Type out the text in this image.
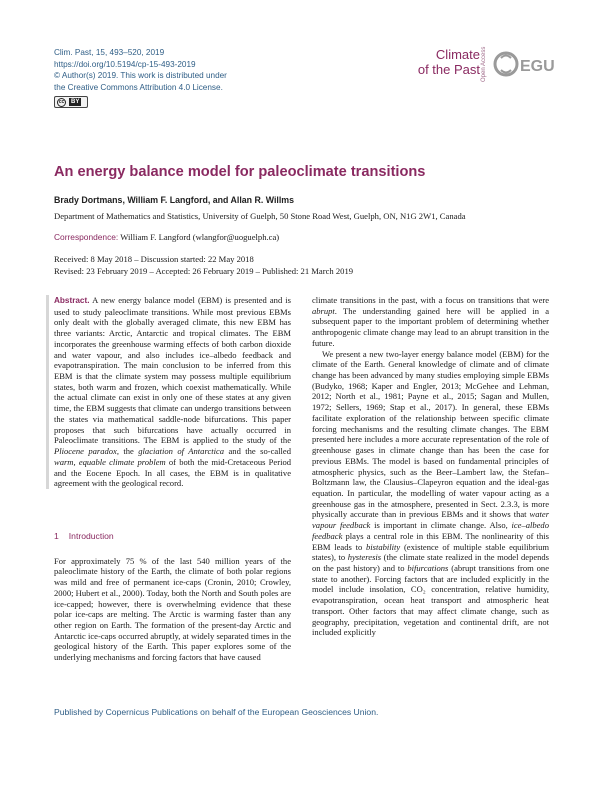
Clim. Past, 15, 493–520, 2019
https://doi.org/10.5194/cp-15-493-2019
© Author(s) 2019. This work is distributed under
the Creative Commons Attribution 4.0 License.
cc	BY
Climate
of the Past Open Access EGU
An energy balance model for paleoclimate transitions
Brady Dortmans, William F. Langford, and Allan R. Willms
Department of Mathematics and Statistics, University of Guelph, 50 Stone Road West, Guelph, ON, N1G 2W1, Canada
Correspondence: William F. Langford (wlangfor@uoguelph.ca)
Received: 8 May 2018 – Discussion started: 22 May 2018
Revised: 23 February 2019 – Accepted: 26 February 2019 – Published: 21 March 2019

Abstract. A new energy balance model (EBM) is presented and is used to study paleoclimate transitions. While most previous EBMs only dealt with the globally averaged climate, this new EBM has three variants: Arctic, Antarctic and tropical climates. The EBM incorporates the greenhouse warming effects of both carbon dioxide and water vapour, and also includes ice–albedo feedback and evapotranspiration. The main conclusion to be inferred from this EBM is that the climate system may possess multiple equilibrium states, both warm and frozen, which coexist mathematically. While the actual climate can exist in only one of these states at any given time, the EBM suggests that climate can undergo transitions between the states via mathematical saddle-node bifurcations. This paper proposes that such bifurcations have actually occurred in Paleoclimate transitions. The EBM is applied to the study of the Pliocene paradox, the glaciation of Antarctica and the so-called warm, equable climate problem of both the mid-Cretaceous Period and the Eocene Epoch. In all cases, the EBM is in qualitative agreement with the geological record.

1 Introduction

For approximately 75 % of the last 540 million years of the paleoclimate history of the Earth, the climate of both polar regions was mild and free of permanent ice-caps (Cronin, 2010; Crowley, 2000; Hubert et al., 2000). Today, both the North and South poles are ice-capped; however, there is overwhelming evidence that these polar ice-caps are melting. The Arctic is warming faster than any other region on Earth. The formation of the present-day Arctic and Antarctic ice-caps occurred abruptly, at widely separated times in the geological history of the Earth. This paper explores some of the underlying mechanisms and forcing factors that have caused

climate transitions in the past, with a focus on transitions that were abrupt. The understanding gained here will be applied in a subsequent paper to the important problem of determining whether anthropogenic climate change may lead to an abrupt transition in the future.

We present a new two-layer energy balance model (EBM) for the climate of the Earth. General knowledge of climate and of climate change has been advanced by many studies employing simple EBMs (Budyko, 1968; Kaper and Engler, 2013; McGehee and Lehman, 2012; North et al., 1981; Payne et al., 2015; Sagan and Mullen, 1972; Sellers, 1969; Stap et al., 2017). In general, these EBMs facilitate exploration of the relationship between specific climate forcing mechanisms and the resulting climate changes. The EBM presented here includes a more accurate representation of the role of greenhouse gases in climate change than has been the case for previous EBMs. The model is based on fundamental principles of atmospheric physics, such as the Beer–Lambert law, the Stefan–Boltzmann law, the Clausius–Clapeyron equation and the ideal-gas equation. In particular, the modelling of water vapour acting as a greenhouse gas in the atmosphere, presented in Sect. 2.3.3, is more physically accurate than in previous EBMs and it shows that water vapour feedback is important in climate change. Also, ice–albedo feedback plays a central role in this EBM. The nonlinearity of this EBM leads to bistability (existence of multiple stable equilibrium states), to hysteresis (the climate state realized in the model depends on the past history) and to bifurcations (abrupt transitions from one state to another). Forcing factors that are included explicitly in the model include insolation, CO₂ concentration, relative humidity, evapotranspiration, ocean heat transport and atmospheric heat transport. Other factors that may affect climate change, such as geography, precipitation, vegetation and continental drift, are not included explicitly

Published by Copernicus Publications on behalf of the European Geosciences Union.
